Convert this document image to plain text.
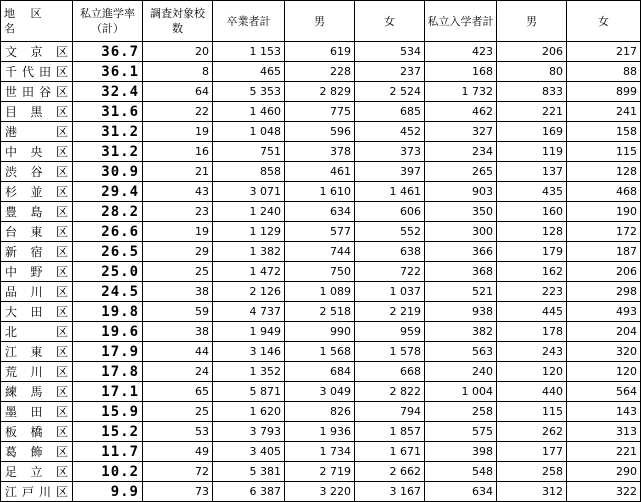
地 区 名	私立進学率（計）	調査対象校数	卒業者計	男	女	私立入学者計	男	女
文京区	36.7	20	1 153	619	534	423	206	217
千代田区	36.1	8	465	228	237	168	80	88
世田谷区	32.4	64	5 353	2 829	2 524	1 732	833	899
目黒区	31.6	22	1 460	775	685	462	221	241
港区	31.2	19	1 048	596	452	327	169	158
中央区	31.2	16	751	378	373	234	119	115
渋谷区	30.9	21	858	461	397	265	137	128
杉並区	29.4	43	3 071	1 610	1 461	903	435	468
豊島区	28.2	23	1 240	634	606	350	160	190
台東区	26.6	19	1 129	577	552	300	128	172
新宿区	26.5	29	1 382	744	638	366	179	187
中野区	25.0	25	1 472	750	722	368	162	206
品川区	24.5	38	2 126	1 089	1 037	521	223	298
大田区	19.8	59	4 737	2 518	2 219	938	445	493
北区	19.6	38	1 949	990	959	382	178	204
江東区	17.9	44	3 146	1 568	1 578	563	243	320
荒川区	17.8	24	1 352	684	668	240	120	120
練馬区	17.1	65	5 871	3 049	2 822	1 004	440	564
墨田区	15.9	25	1 620	826	794	258	115	143
板橋区	15.2	53	3 793	1 936	1 857	575	262	313
葛飾区	11.7	49	3 405	1 734	1 671	398	177	221
足立区	10.2	72	5 381	2 719	2 662	548	258	290
江戸川区	9.9	73	6 387	3 220	3 167	634	312	322
